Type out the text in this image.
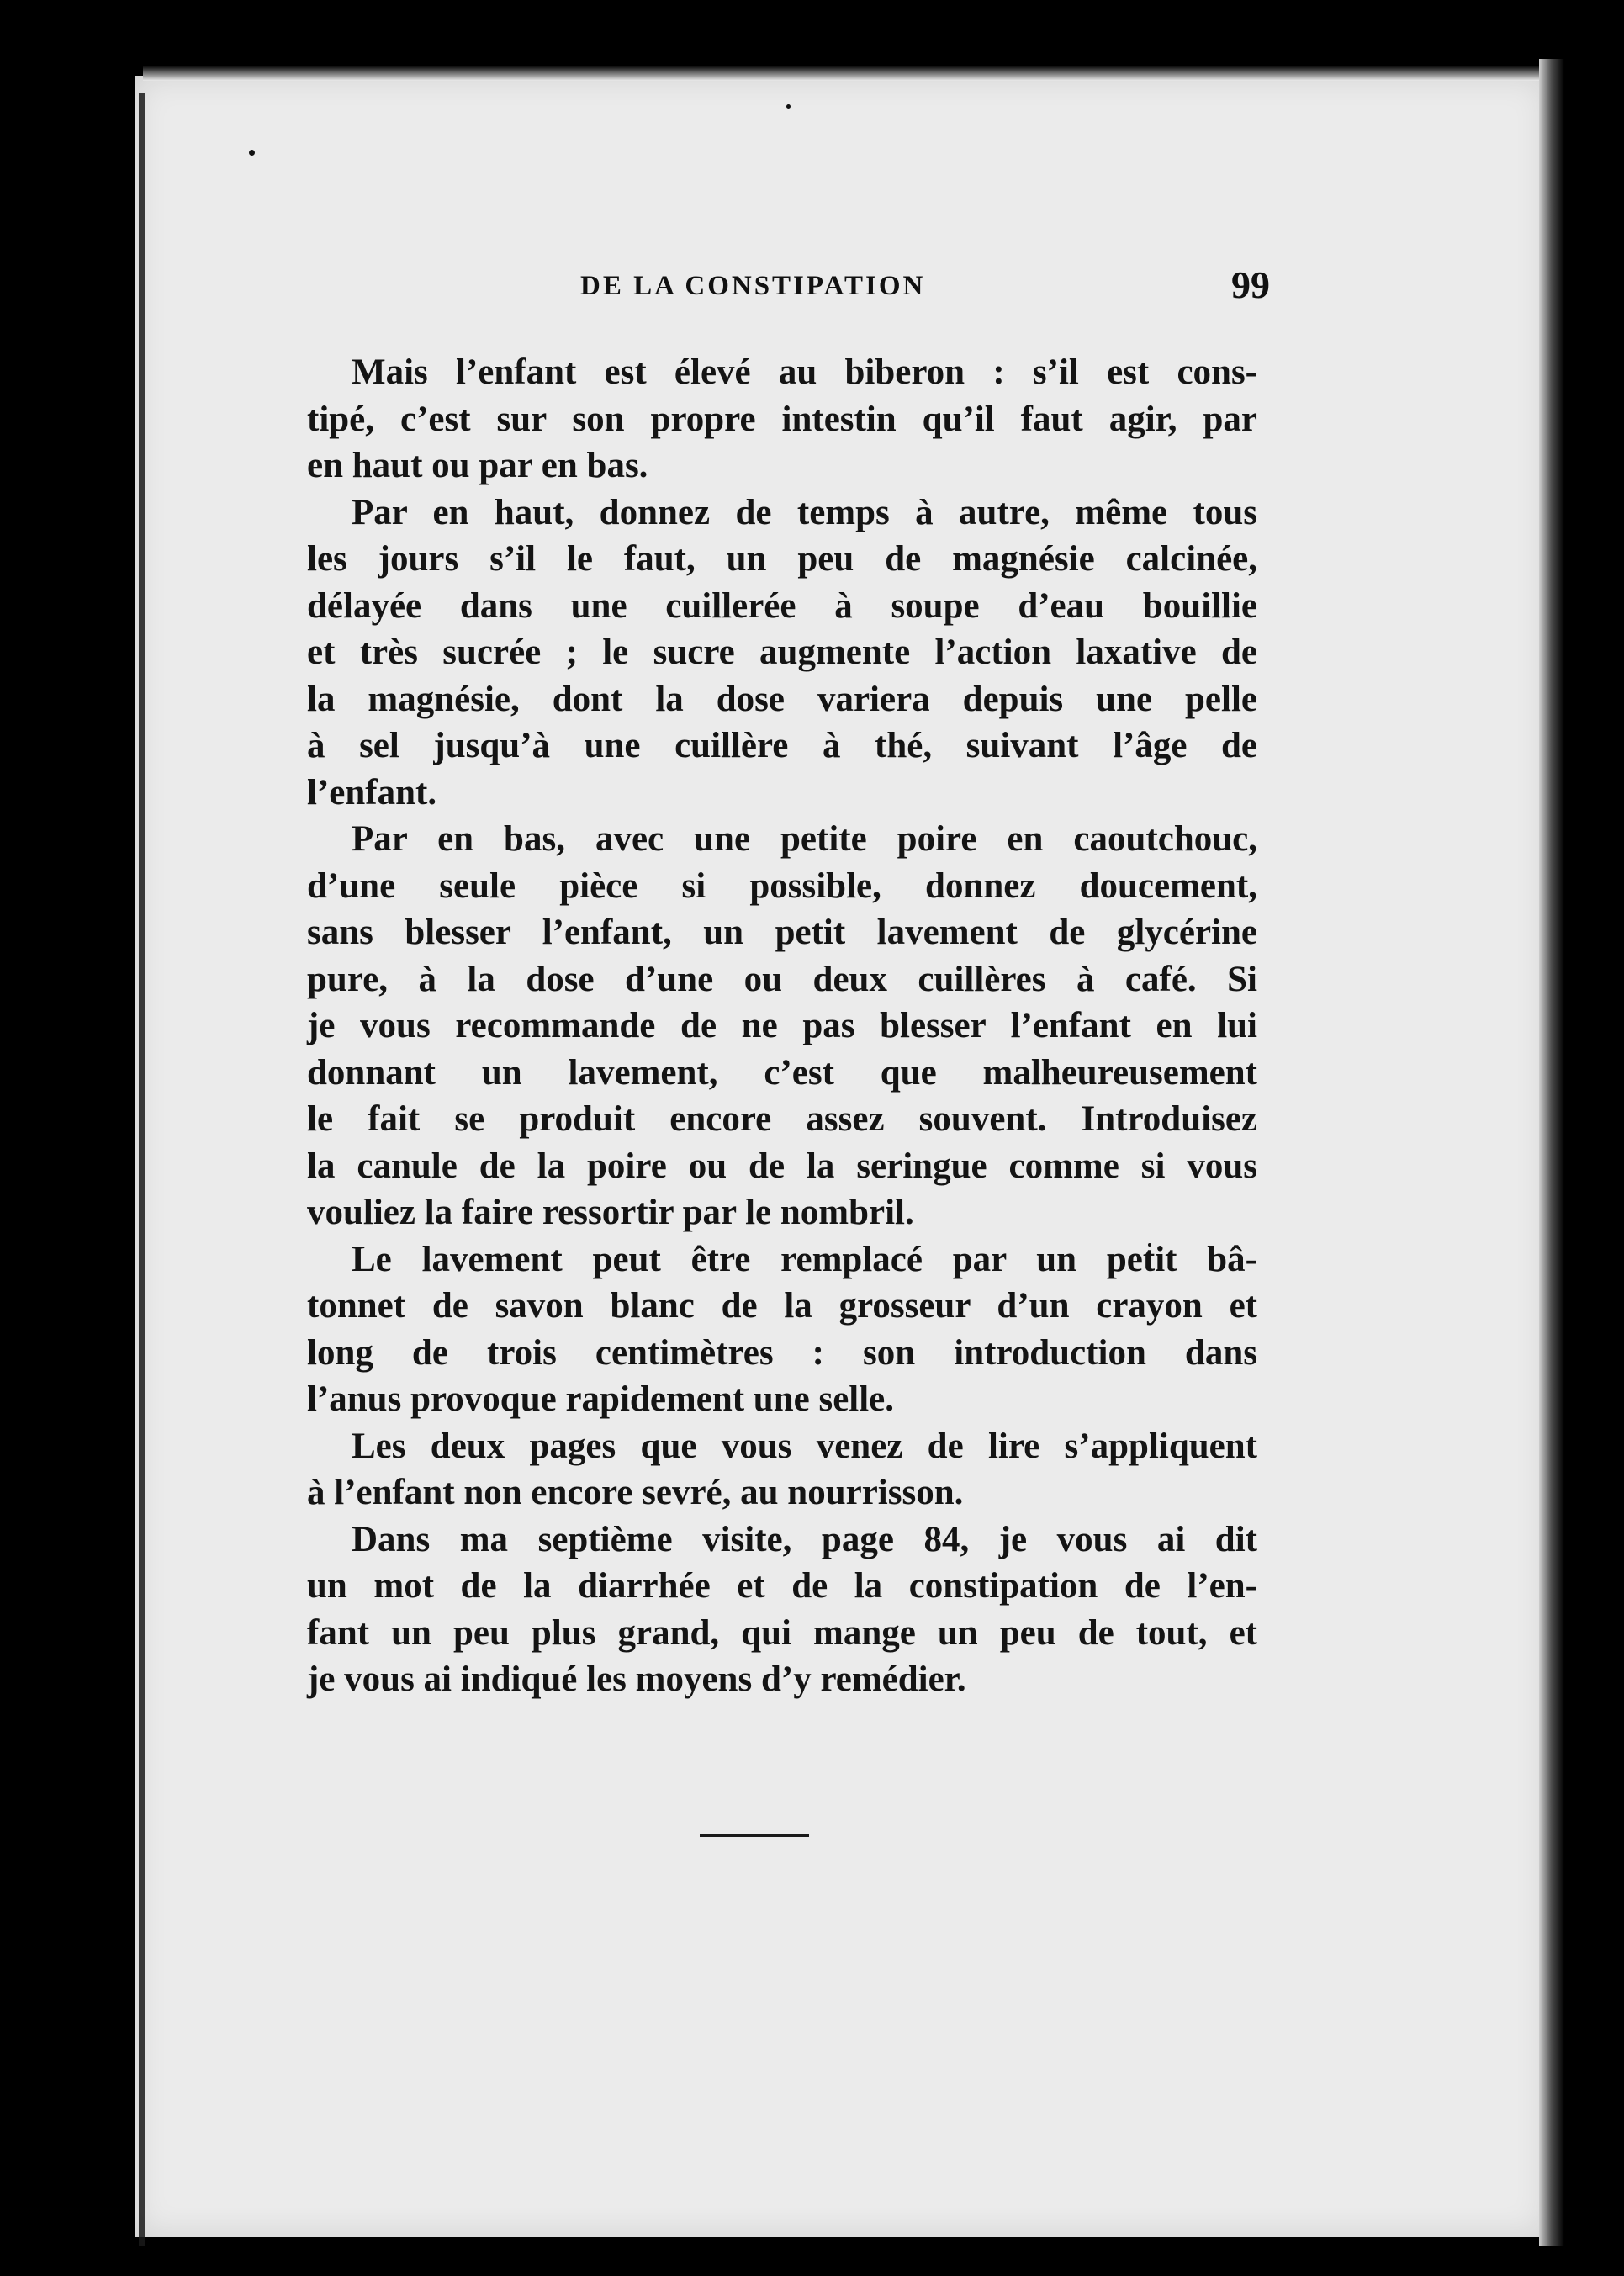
DE LA CONSTIPATION	99

Mais l’enfant est élevé au biberon : s’il est cons-
tipé, c’est sur son propre intestin qu’il faut agir, par
en haut ou par en bas.

Par en haut, donnez de temps à autre, même tous
les jours s’il le faut, un peu de magnésie calcinée,
délayée dans une cuillerée à soupe d’eau bouillie
et très sucrée ; le sucre augmente l’action laxative de
la magnésie, dont la dose variera depuis une pelle
à sel jusqu’à une cuillère à thé, suivant l’âge de
l’enfant.

Par en bas, avec une petite poire en caoutchouc,
d’une seule pièce si possible, donnez doucement,
sans blesser l’enfant, un petit lavement de glycérine
pure, à la dose d’une ou deux cuillères à café. Si
je vous recommande de ne pas blesser l’enfant en lui
donnant un lavement, c’est que malheureusement
le fait se produit encore assez souvent. Introduisez
la canule de la poire ou de la seringue comme si vous
vouliez la faire ressortir par le nombril.

Le lavement peut être remplacé par un petit bâ-
tonnet de savon blanc de la grosseur d’un crayon et
long de trois centimètres : son introduction dans
l’anus provoque rapidement une selle.

Les deux pages que vous venez de lire s’appliquent
à l’enfant non encore sevré, au nourrisson.

Dans ma septième visite, page 84, je vous ai dit
un mot de la diarrhée et de la constipation de l’en-
fant un peu plus grand, qui mange un peu de tout, et
je vous ai indiqué les moyens d’y remédier.
